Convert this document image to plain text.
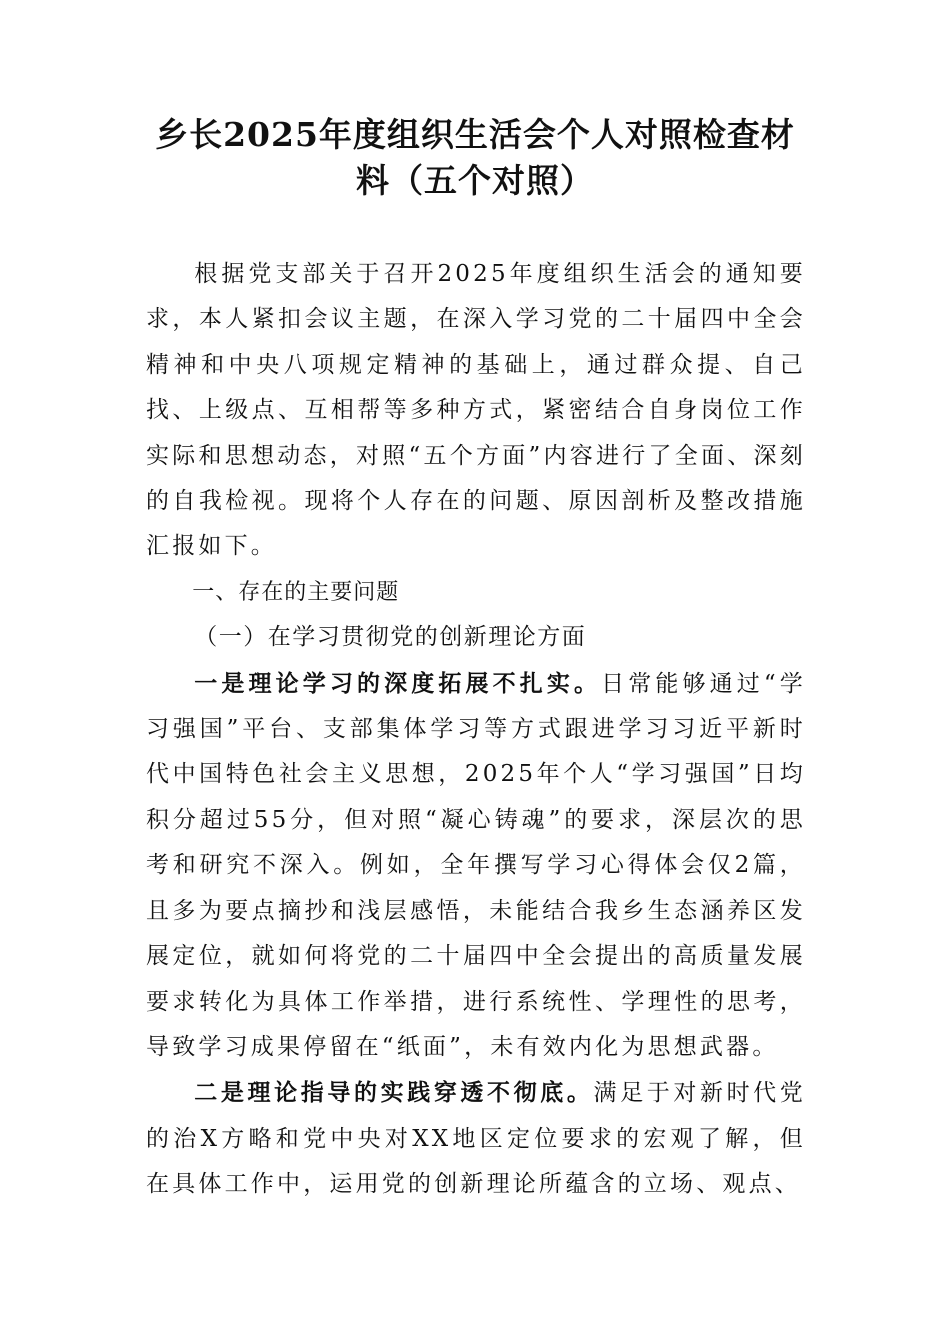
乡长2025年度组织生活会个人对照检查材料（五个对照）

根据党支部关于召开2025年度组织生活会的通知要求，本人紧扣会议主题，在深入学习党的二十届四中全会精神和中央八项规定精神的基础上，通过群众提、自己找、上级点、互相帮等多种方式，紧密结合自身岗位工作实际和思想动态，对照“五个方面”内容进行了全面、深刻的自我检视。现将个人存在的问题、原因剖析及整改措施汇报如下。

一、存在的主要问题

（一）在学习贯彻党的创新理论方面

一是理论学习的深度拓展不扎实。日常能够通过“学习强国”平台、支部集体学习等方式跟进学习习近平新时代中国特色社会主义思想，2025年个人“学习强国”日均积分超过55分，但对照“凝心铸魂”的要求，深层次的思考和研究不深入。例如，全年撰写学习心得体会仅2篇，且多为要点摘抄和浅层感悟，未能结合我乡生态涵养区发展定位，就如何将党的二十届四中全会提出的高质量发展要求转化为具体工作举措，进行系统性、学理性的思考，导致学习成果停留在“纸面”，未有效内化为思想武器。

二是理论指导的实践穿透不彻底。满足于对新时代党的治X方略和党中央对XX地区定位要求的宏观了解，但在具体工作中，运用党的创新理论所蕴含的立场、观点、
